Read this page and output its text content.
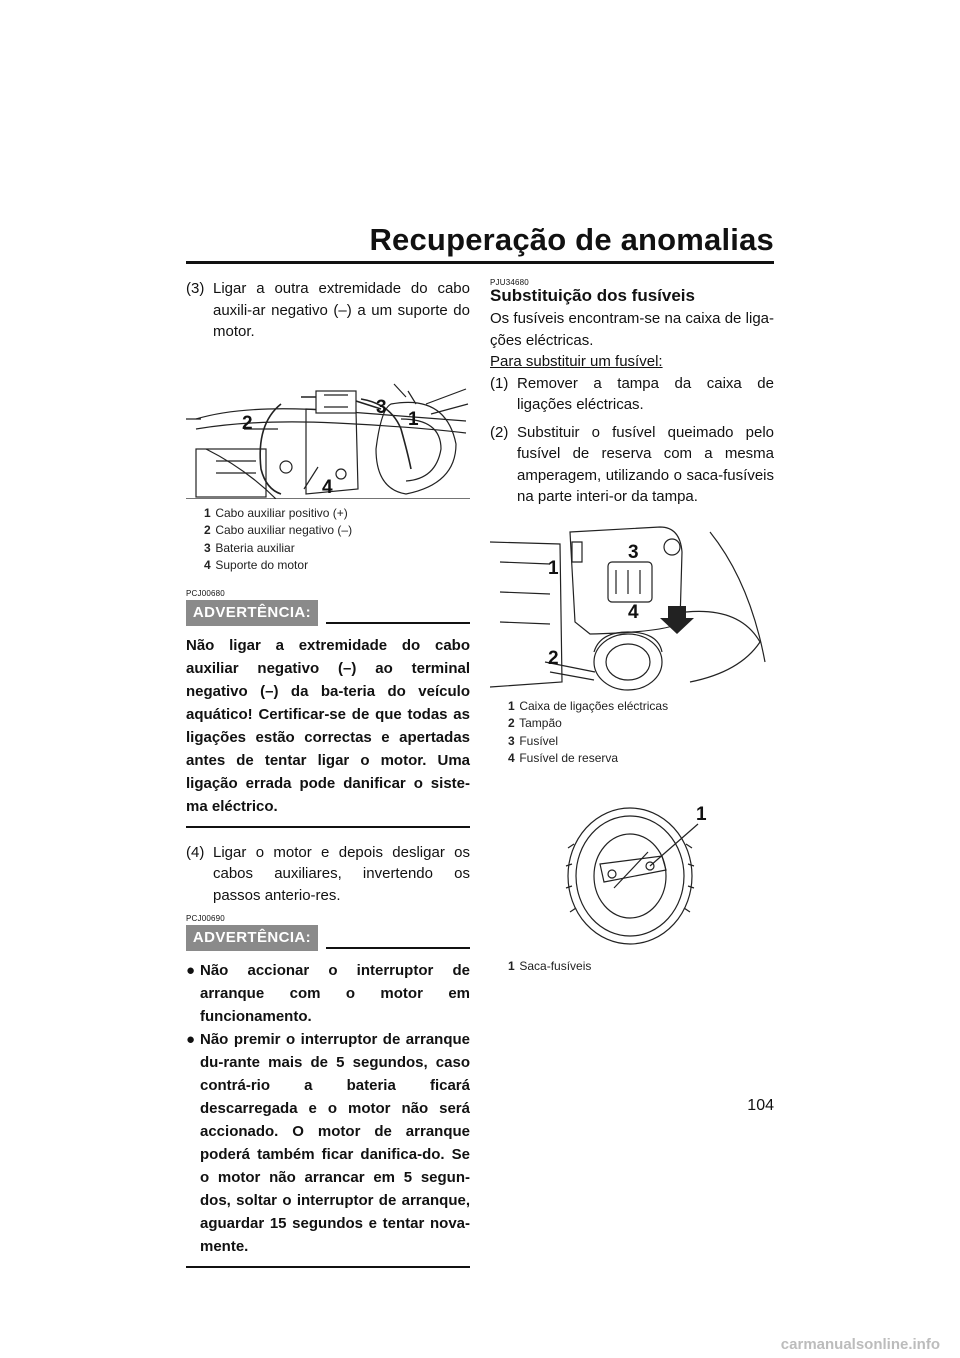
Recuperação de anomalias
(3) Ligar a outra extremidade do cabo auxili-ar negativo (–) a um suporte do motor.
3
1
2
4
1 Cabo auxiliar positivo (+)
2 Cabo auxiliar negativo (–)
3 Bateria auxiliar
4 Suporte do motor

PCJ00680

ADVERTÊNCIA:

Não ligar a extremidade do cabo auxiliar negativo (–) ao terminal negativo (–) da ba-teria do veículo aquático! Certificar-se de que todas as ligações estão correctas e apertadas antes de tentar ligar o motor. Uma ligação errada pode danificar o siste-ma eléctrico.

(4) Ligar o motor e depois desligar os cabos auxiliares, invertendo os passos anterio-res.

PCJ00690

ADVERTÊNCIA:
● Não accionar o interruptor de arranque com o motor em funcionamento.
● Não premir o interruptor de arranque du-rante mais de 5 segundos, caso contrá-rio a bateria ficará descarregada e o motor não será accionado. O motor de arranque poderá também ficar danifica-do. Se o motor não arrancar em 5 segun-dos, soltar o interruptor de arranque, aguardar 15 segundos e tentar nova-mente.

PJU34680

Substituição dos fusíveis

Os fusíveis encontram-se na caixa de liga-ções eléctricas.

Para substituir um fusível:

(1) Remover a tampa da caixa de ligações eléctricas.
(2) Substituir o fusível queimado pelo fusível de reserva com a mesma amperagem, utilizando o saca-fusíveis na parte interi-or da tampa.
3
1
4
2
1 Caixa de ligações eléctricas
2 Tampão
3 Fusível
4 Fusível de reserva
1
1 Saca-fusíveis
104
carmanualsonline.info
